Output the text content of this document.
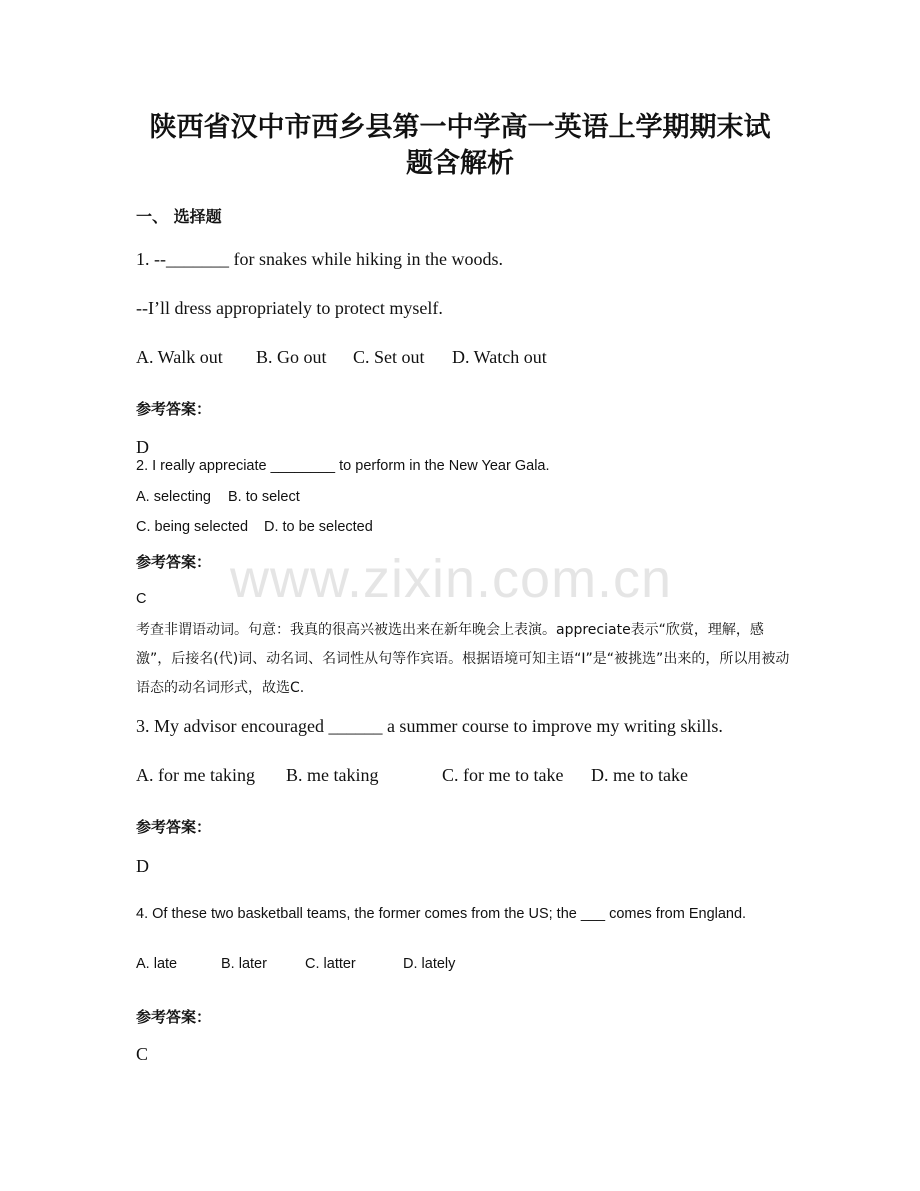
陕西省汉中市西乡县第一中学高一英语上学期期末试
题含解析
一、 选择题
1. --_______ for snakes while hiking in the woods.
--I’ll dress appropriately to protect myself.
A. Walk out B. Go out C. Set out D. Watch out
参考答案：
D
2. I really appreciate ________ to perform in the New Year Gala.
A. selecting B. to select
C. being selected D. to be selected
参考答案： www.zixin.com.cn
C
考查非谓语动词。句意：我真的很高兴被选出来在新年晚会上表演。appreciate表示“欣赏，理解，感激”，后接名(代)词、动名词、名词性从句等作宾语。根据语境可知主语“I”是“被挑选”出来的，所以用被动语态的动名词形式，故选C.
3. My advisor encouraged ______ a summer course to improve my writing skills.
A. for me taking B. me taking	C. for me to take D. me to take
参考答案：
D
4. Of these two basketball teams, the former comes from the US; the ___ comes from England.
A. late	B. later	C. latter	D. lately
参考答案：
C
